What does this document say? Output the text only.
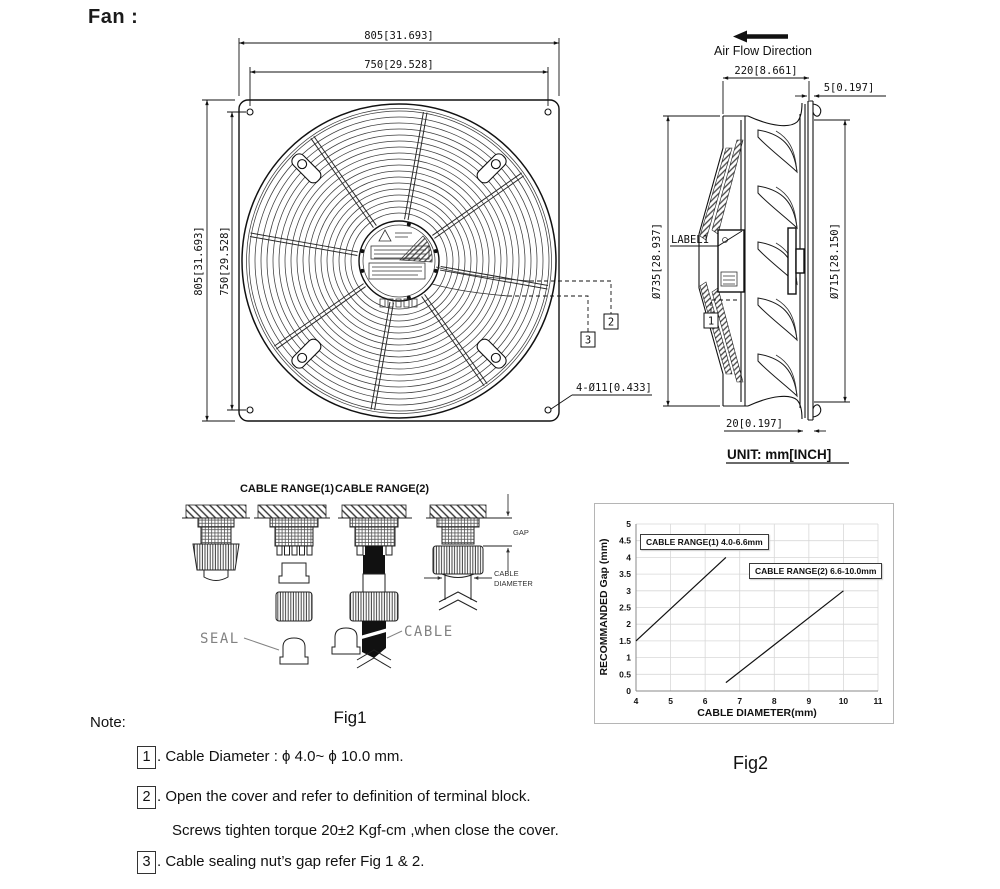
Fan :
2
3
805[31.693]
750[29.528]
805[31.693] 750[29.528]
4-Ø11[0.433]
Air Flow Direction
220[8.661]
5[0.197]
LABEL1
1
Ø735[28.937]	Ø715[28.150]
20[0.197]
UNIT: mm[INCH]
CABLE RANGE(1) CABLE RANGE(2)
GAP
CABLE
DIAMETER
SEAL	CABLE
Fig1
4	5	6	7	8	9	10	11
0
0.5
1
1.5
2
2.5
3
3.5
4
4.5
5
CABLE DIAMETER(mm)
RECOMMANDED Gap (mm)	CABLE RANGE(1) 4.0-6.6mm
CABLE RANGE(2) 6.6-10.0mm
Fig2
Note:
1 . Cable Diameter : ϕ 4.0~ ϕ 10.0 mm.
2 . Open the cover and refer to definition of terminal block.
Screws tighten torque 20±2 Kgf-cm ,when close the cover.
3 . Cable sealing nut’s gap refer Fig 1 & 2.
